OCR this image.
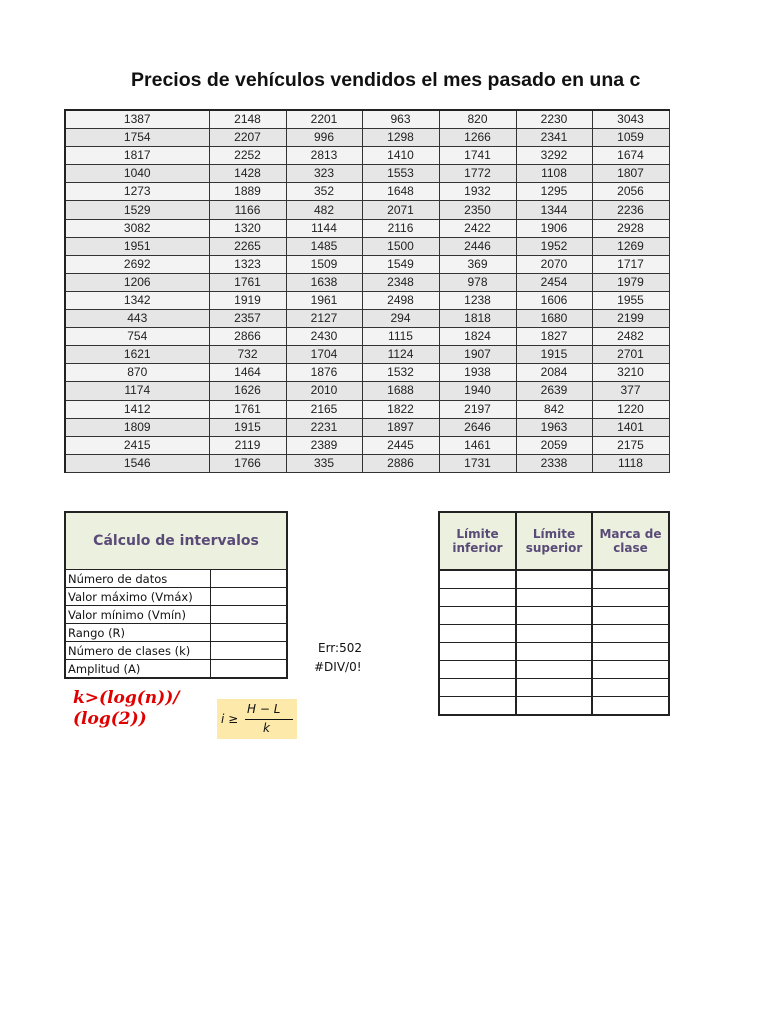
Precios de vehículos vendidos el mes pasado en una c
1387	2148	2201	963	820	2230	3043
1754	2207	996	1298	1266	2341	1059
1817	2252	2813	1410	1741	3292	1674
1040	1428	323	1553	1772	1108	1807
1273	1889	352	1648	1932	1295	2056
1529	1166	482	2071	2350	1344	2236
3082	1320	1144	2116	2422	1906	2928
1951	2265	1485	1500	2446	1952	1269
2692	1323	1509	1549	369	2070	1717
1206	1761	1638	2348	978	2454	1979
1342	1919	1961	2498	1238	1606	1955
443	2357	2127	294	1818	1680	2199
754	2866	2430	1115	1824	1827	2482
1621	732	1704	1124	1907	1915	2701
870	1464	1876	1532	1938	2084	3210
1174	1626	2010	1688	1940	2639	377
1412	1761	2165	1822	2197	842	1220
1809	1915	2231	1897	2646	1963	1401
2415	2119	2389	2445	1461	2059	2175
1546	1766	335	2886	1731	2338	1118
Cálculo de intervalos	
Número de datos	
Valor máximo (Vmáx)	
Valor mínimo (Vmín)	
Rango (R)	
Número de clases (k)	
Amplitud (A)	
Err:502
#DIV/0!
k>(log(n))/
(log(2))	i ≥
H − L
k
Límite inferior	Límite superior	Marca de clase
